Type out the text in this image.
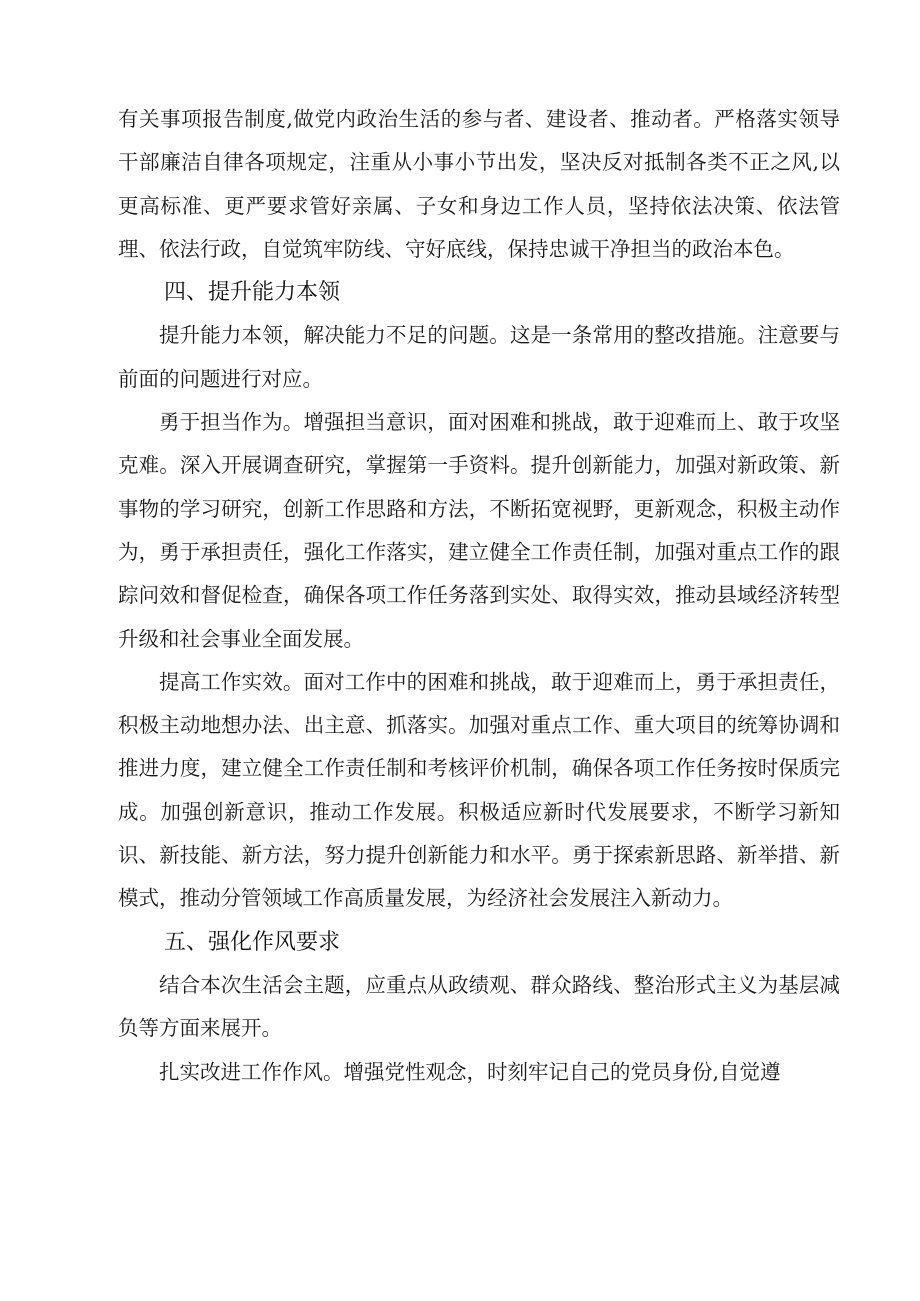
有关事项报告制度,做党内政治生活的参与者、建设者、推动者。严格落实领导干部廉洁自律各项规定，注重从小事小节出发，坚决反对抵制各类不正之风,以更高标准、更严要求管好亲属、子女和身边工作人员，坚持依法决策、依法管理、依法行政，自觉筑牢防线、守好底线，保持忠诚干净担当的政治本色。

四、提升能力本领

提升能力本领，解决能力不足的问题。这是一条常用的整改措施。注意要与前面的问题进行对应。

勇于担当作为。增强担当意识，面对困难和挑战，敢于迎难而上、敢于攻坚克难。深入开展调查研究，掌握第一手资料。提升创新能力，加强对新政策、新事物的学习研究，创新工作思路和方法，不断拓宽视野，更新观念，积极主动作为，勇于承担责任，强化工作落实，建立健全工作责任制，加强对重点工作的跟踪问效和督促检查，确保各项工作任务落到实处、取得实效，推动县域经济转型升级和社会事业全面发展。

提高工作实效。面对工作中的困难和挑战，敢于迎难而上，勇于承担责任，积极主动地想办法、出主意、抓落实。加强对重点工作、重大项目的统筹协调和推进力度，建立健全工作责任制和考核评价机制，确保各项工作任务按时保质完成。加强创新意识，推动工作发展。积极适应新时代发展要求，不断学习新知识、新技能、新方法，努力提升创新能力和水平。勇于探索新思路、新举措、新模式，推动分管领域工作高质量发展，为经济社会发展注入新动力。

五、强化作风要求

结合本次生活会主题，应重点从政绩观、群众路线、整治形式主义为基层减负等方面来展开。

扎实改进工作作风。增强党性观念，时刻牢记自己的党员身份,自觉遵
